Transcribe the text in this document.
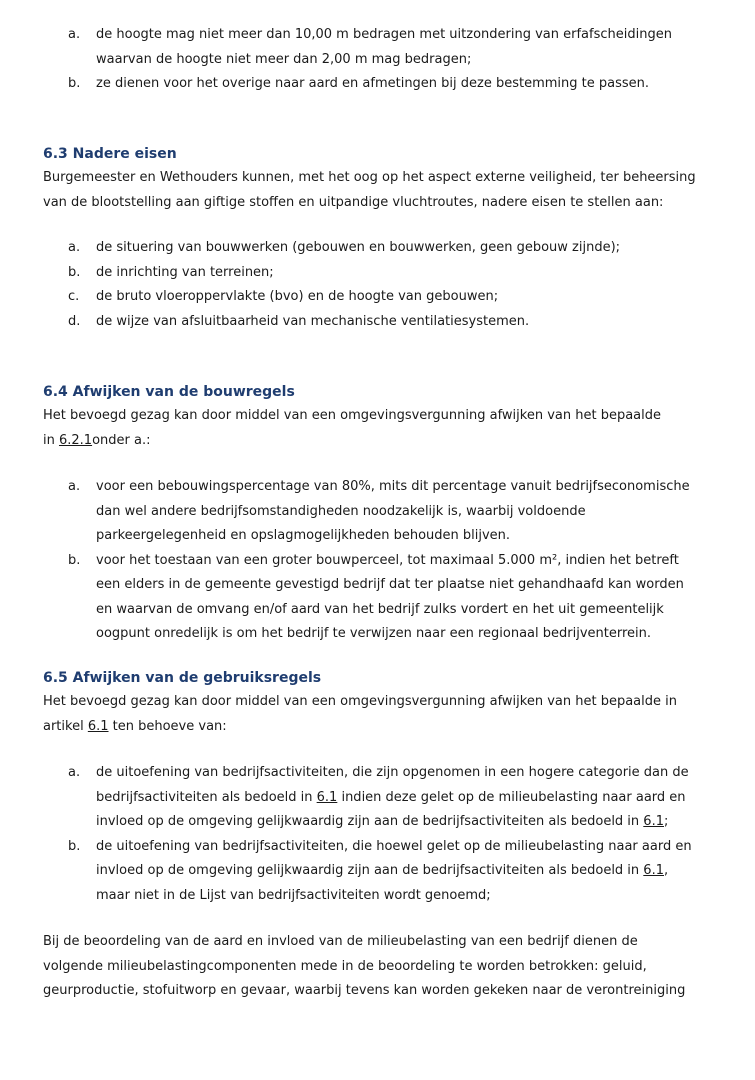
a. de hoogte mag niet meer dan 10,00 m bedragen met uitzondering van erfafscheidingen
waarvan de hoogte niet meer dan 2,00 m mag bedragen;
b. ze dienen voor het overige naar aard en afmetingen bij deze bestemming te passen.
6.3 Nadere eisen
Burgemeester en Wethouders kunnen, met het oog op het aspect externe veiligheid, ter beheersing
van de blootstelling aan giftige stoffen en uitpandige vluchtroutes, nadere eisen te stellen aan:
a. de situering van bouwwerken (gebouwen en bouwwerken, geen gebouw zijnde);
b. de inrichting van terreinen;
c. de bruto vloeroppervlakte (bvo) en de hoogte van gebouwen;
d. de wijze van afsluitbaarheid van mechanische ventilatiesystemen.
6.4 Afwijken van de bouwregels
Het bevoegd gezag kan door middel van een omgevingsvergunning afwijken van het bepaalde
in 6.2.1onder a.:
a. voor een bebouwingspercentage van 80%, mits dit percentage vanuit bedrijfseconomische
dan wel andere bedrijfsomstandigheden noodzakelijk is, waarbij voldoende
parkeergelegenheid en opslagmogelijkheden behouden blijven.
b. voor het toestaan van een groter bouwperceel, tot maximaal 5.000 m², indien het betreft
een elders in de gemeente gevestigd bedrijf dat ter plaatse niet gehandhaafd kan worden
en waarvan de omvang en/of aard van het bedrijf zulks vordert en het uit gemeentelijk
oogpunt onredelijk is om het bedrijf te verwijzen naar een regionaal bedrijventerrein.
6.5 Afwijken van de gebruiksregels
Het bevoegd gezag kan door middel van een omgevingsvergunning afwijken van het bepaalde in
artikel 6.1 ten behoeve van:
a. de uitoefening van bedrijfsactiviteiten, die zijn opgenomen in een hogere categorie dan de
bedrijfsactiviteiten als bedoeld in 6.1 indien deze gelet op de milieubelasting naar aard en
invloed op de omgeving gelijkwaardig zijn aan de bedrijfsactiviteiten als bedoeld in 6.1;
b. de uitoefening van bedrijfsactiviteiten, die hoewel gelet op de milieubelasting naar aard en
invloed op de omgeving gelijkwaardig zijn aan de bedrijfsactiviteiten als bedoeld in 6.1,
maar niet in de Lijst van bedrijfsactiviteiten wordt genoemd;
Bij de beoordeling van de aard en invloed van de milieubelasting van een bedrijf dienen de
volgende milieubelastingcomponenten mede in de beoordeling te worden betrokken: geluid,
geurproductie, stofuitworp en gevaar, waarbij tevens kan worden gekeken naar de verontreiniging
